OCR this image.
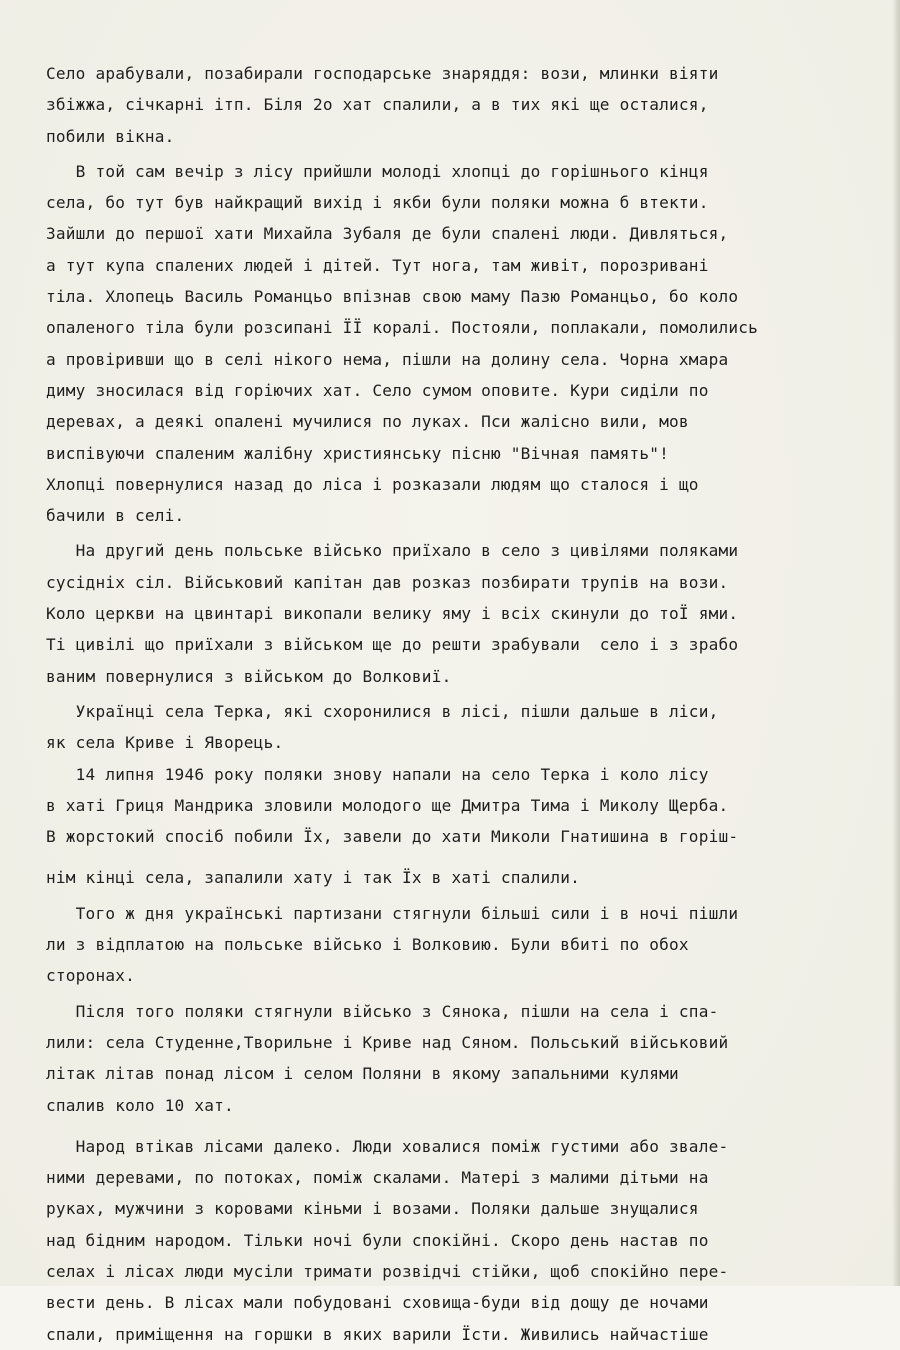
Село арабували, позабирали господарське знаряддя: вози, млинки віяти
збіжжа, січкарні ітп. Біля 2о хат спалили, а в тих які ще осталися,
побили вікна.
В той сам вечір з лісу прийшли молоді хлопці до горішнього кінця
села, бо тут був найкращий вихід і якби були поляки можна б втекти.
Зайшли до першої хати Михайла Зубаля де були спалені люди. Дивляться,
а тут купа спалених людей і дітей. Тут нога, там живіт, порозривані
тіла. Хлопець Василь Романцьо впізнав свою маму Пазю Романцьо, бо коло
опаленого тіла були розсипані ЇЇ коралі. Постояли, поплакали, помолились
а провіривши що в селі нікого нема, пішли на долину села. Чорна хмара
диму зносилася від горіючих хат. Село сумом оповите. Кури сиділи по
деревах, а деякі опалені мучилися по луках. Пси жалісно вили, мов
виспівуючи спаленим жалібну християнську пісню "Вічная память"!
Хлопці повернулися назад до ліса і розказали людям що сталося і що
бачили в селі.
На другий день польське військо приїхало в село з цивілями поляками
сусідніх сіл. Військовий капітан дав розказ позбирати трупів на вози.
Коло церкви на цвинтарі викопали велику яму і всіх скинули до тоЇ ями.
Ті цивілі що приїхали з військом ще до решти зрабували  село і з зрабо
ваним повернулися з військом до Волковиї.
Українці села Терка, які схоронилися в лісі, пішли дальше в ліси,
як села Криве і Яворець.
14 липня 1946 року поляки знову напали на село Терка і коло лісу
в хаті Гриця Мандрика зловили молодого ще Дмитра Тима і Миколу Щерба.
В жорстокий спосіб побили Їх, завели до хати Миколи Гнатишина в горіш-
нім кінці села, запалили хату і так Їх в хаті спалили.
Того ж дня українські партизани стягнули більші сили і в ночі пішли
ли з відплатою на польське військо і Волковию. Були вбиті по обох
сторонах.
Після того поляки стягнули військо з Сянока, пішли на села і спа-
лили: села Студенне,Творильне і Криве над Сяном. Польський військовий
літак літав понад лісом і селом Поляни в якому запальними кулями
спалив коло 10 хат.
Народ втікав лісами далеко. Люди ховалися поміж густими або звале-
ними деревами, по потоках, поміж скалами. Матері з малими дітьми на
руках, мужчини з коровами кіньми і возами. Поляки дальше знущалися
над бідним народом. Тільки ночі були спокійні. Скоро день настав по
селах і лісах люди мусіли тримати розвідчі стійки, щоб спокійно пере-
вести день. В лісах мали побудовані сховища-буди від дощу де ночами
спали, приміщення на горшки в яких варили Їсти. Живились найчастіше
